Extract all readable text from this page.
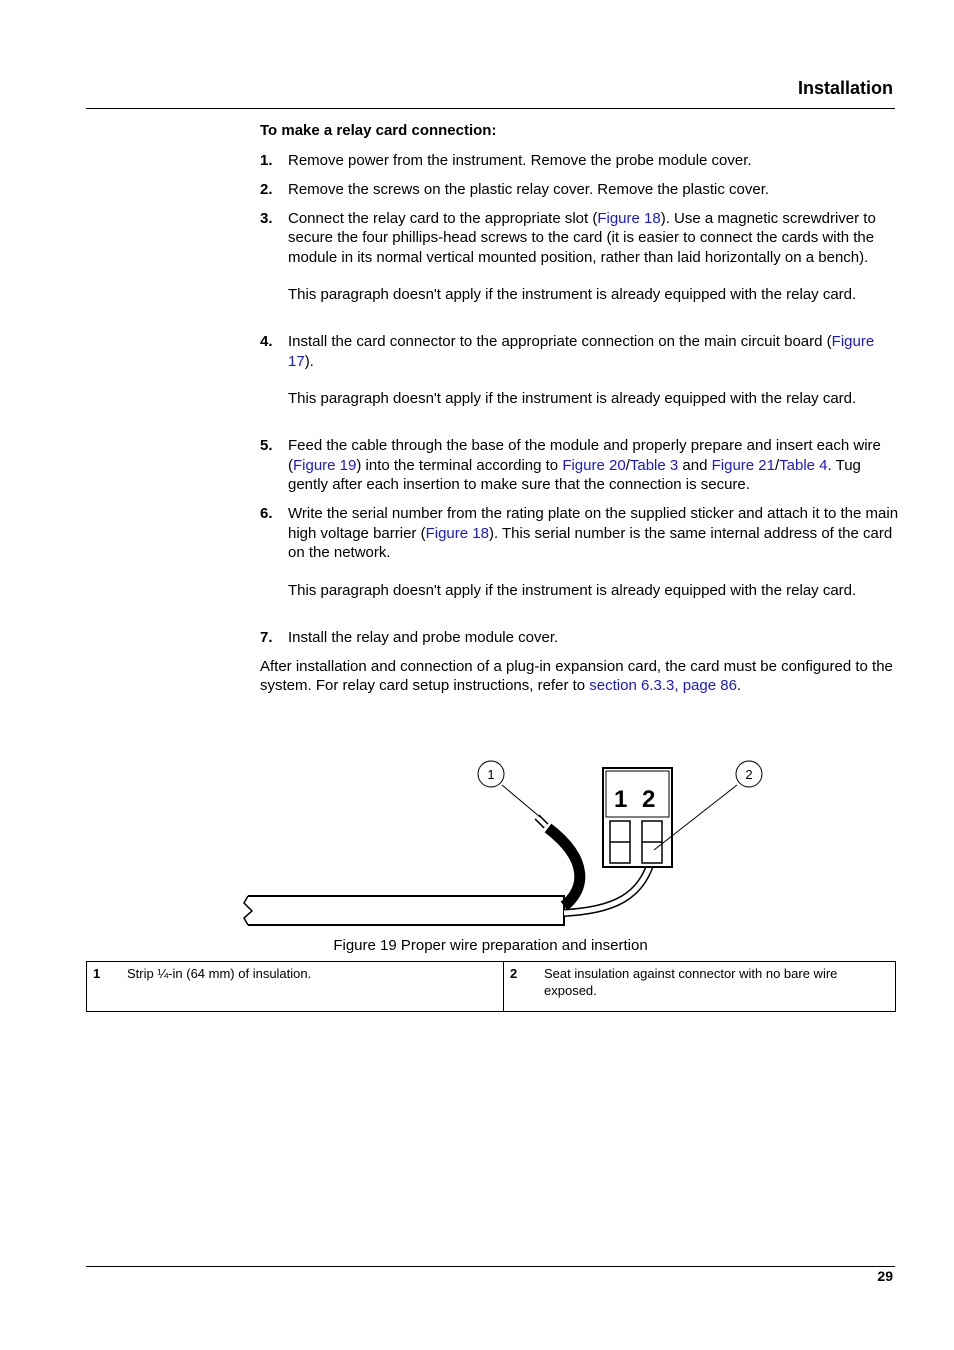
Installation
To make a relay card connection:
1.	Remove power from the instrument. Remove the probe module cover.
2.	Remove the screws on the plastic relay cover. Remove the plastic cover.
3.	Connect the relay card to the appropriate slot (Figure 18). Use a magnetic screwdriver to secure the four phillips-head screws to the card (it is easier to connect the cards with the module in its normal vertical mounted position, rather than laid horizontally on a bench).
This paragraph doesn't apply if the instrument is already equipped with the relay card.
4.	Install the card connector to the appropriate connection on the main circuit board (Figure 17).
This paragraph doesn't apply if the instrument is already equipped with the relay card.
5.	Feed the cable through the base of the module and properly prepare and insert each wire (Figure 19) into the terminal according to Figure 20/Table 3 and Figure 21/Table 4. Tug gently after each insertion to make sure that the connection is secure.
6.	Write the serial number from the rating plate on the supplied sticker and attach it to the main high voltage barrier (Figure 18). This serial number is the same internal address of the card on the network.
This paragraph doesn't apply if the instrument is already equipped with the relay card.
7.	Install the relay and probe module cover.
After installation and connection of a plug-in expansion card, the card must be configured to the system. For relay card setup instructions, refer to section 6.3.3, page 86.
1 2
1	2
Figure 19 Proper wire preparation and insertion
1	Strip ¼-in (64 mm) of insulation.	2	Seat insulation against connector with no bare wire exposed.
29
